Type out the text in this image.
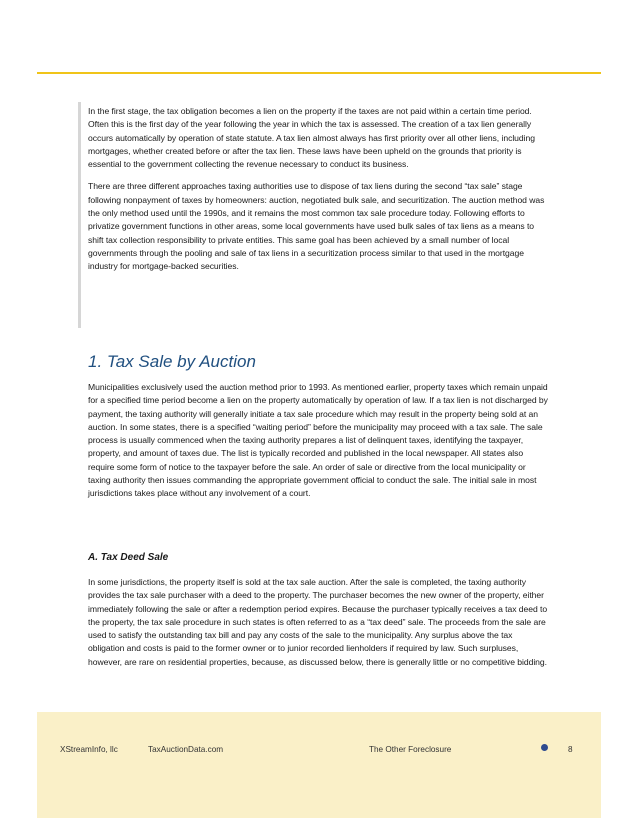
In the first stage, the tax obligation becomes a lien on the property if the taxes are not paid within a certain time period. Often this is the first day of the year following the year in which the tax is assessed. The creation of a tax lien generally occurs automatically by operation of state statute. A tax lien almost always has first priority over all other liens, including mortgages, whether created before or after the tax lien. These laws have been upheld on the grounds that priority is essential to the government collecting the revenue necessary to conduct its business.

There are three different approaches taxing authorities use to dispose of tax liens during the second “tax sale” stage following nonpayment of taxes by homeowners: auction, negotiated bulk sale, and securitization. The auction method was the only method used until the 1990s, and it remains the most common tax sale procedure today. Following efforts to privatize government functions in other areas, some local governments have used bulk sales of tax liens as a means to shift tax collection responsibility to private entities. This same goal has been achieved by a small number of local governments through the pooling and sale of tax liens in a securitization process similar to that used in the mortgage industry for mortgage-backed securities.

1. Tax Sale by Auction

Municipalities exclusively used the auction method prior to 1993. As mentioned earlier, property taxes which remain unpaid for a specified time period become a lien on the property automatically by operation of law. If a tax lien is not discharged by payment, the taxing authority will generally initiate a tax sale procedure which may result in the property being sold at an auction. In some states, there is a specified “waiting period” before the municipality may proceed with a tax sale. The sale process is usually commenced when the taxing authority prepares a list of delinquent taxes, identifying the taxpayer, property, and amount of taxes due. The list is typically recorded and published in the local newspaper. All states also require some form of notice to the taxpayer before the sale. An order of sale or directive from the local municipality or taxing authority then issues commanding the appropriate government official to conduct the sale. The initial sale in most jurisdictions takes place without any involvement of a court.

A. Tax Deed Sale

In some jurisdictions, the property itself is sold at the tax sale auction. After the sale is completed, the taxing authority provides the tax sale purchaser with a deed to the property. The purchaser becomes the new owner of the property, either immediately following the sale or after a redemption period expires. Because the purchaser typically receives a tax deed to the property, the tax sale procedure in such states is often referred to as a “tax deed” sale. The proceeds from the sale are used to satisfy the outstanding tax bill and pay any costs of the sale to the municipality. Any surplus above the tax obligation and costs is paid to the former owner or to junior recorded lienholders if required by law. Such surpluses, however, are rare on residential properties, because, as discussed below, there is generally little or no competitive bidding.

XStreamInfo, llc	TaxAuctionData.com	The Other Foreclosure	8
